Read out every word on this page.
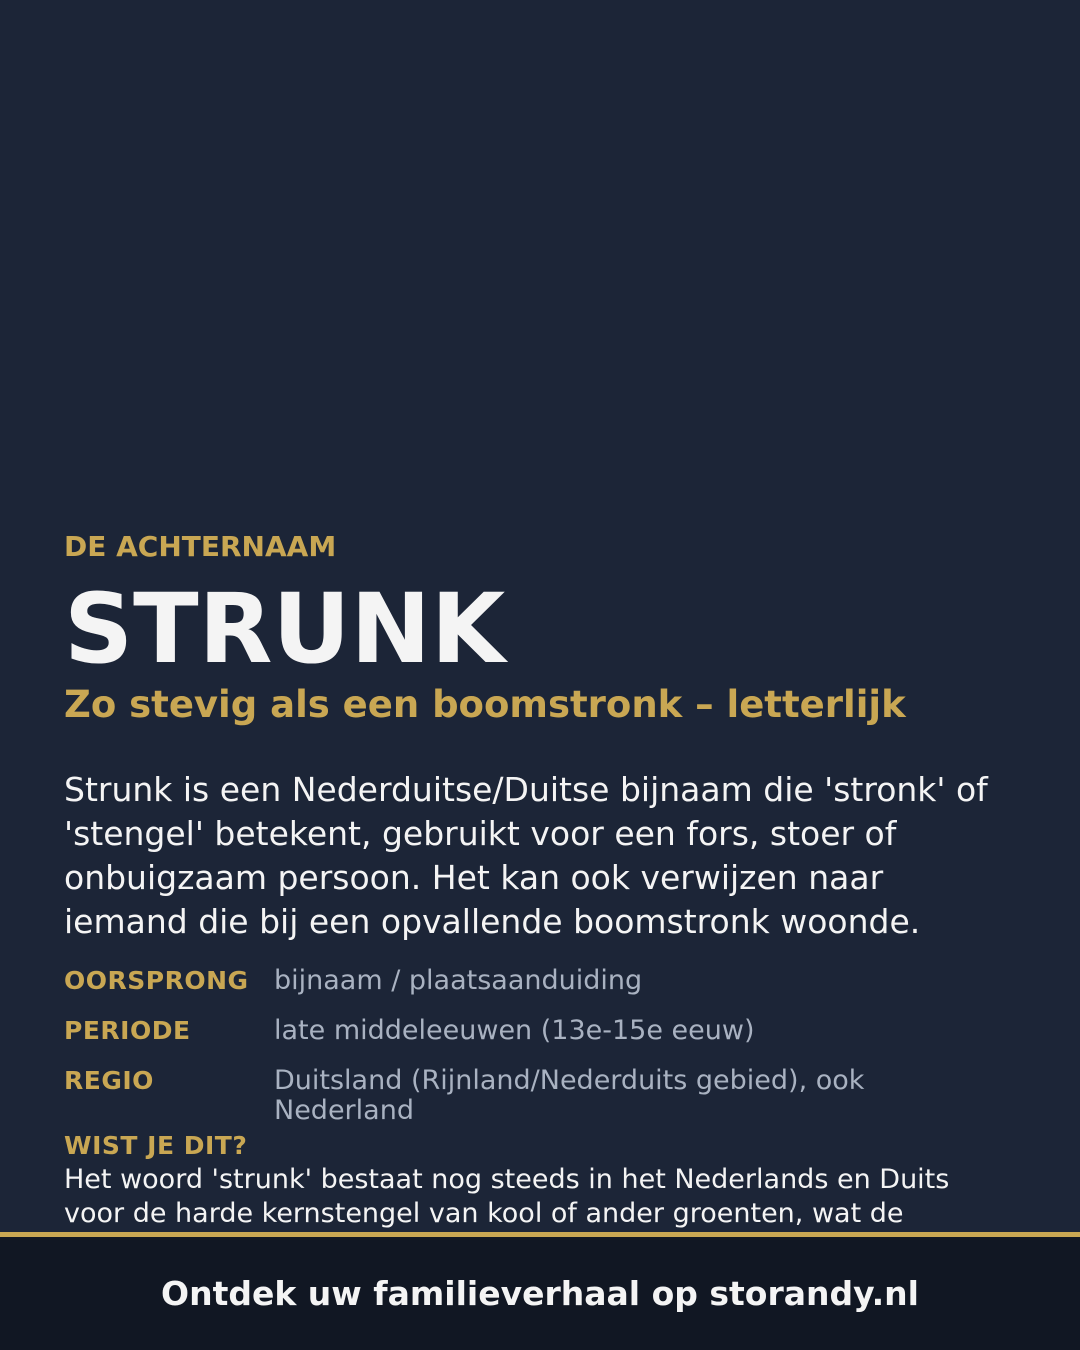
DE ACHTERNAAM
STRUNK
Zo stevig als een boomstronk – letterlijk
Strunk is een Nederduitse/Duitse bijnaam die 'stronk' of 'stengel' betekent, gebruikt voor een fors, stoer of onbuigzaam persoon. Het kan ook verwijzen naar iemand die bij een opvallende boomstronk woonde.
OORSPRONG bijnaam / plaatsaanduiding
PERIODE	late middeleeuwen (13e-15e eeuw)
REGIO	Duitsland (Rijnland/Nederduits gebied), ook Nederland
WIST JE DIT?
Het woord 'strunk' bestaat nog steeds in het Nederlands en Duits voor de harde kernstengel van kool of ander groenten, wat de
Ontdek uw familieverhaal op storandy.nl
